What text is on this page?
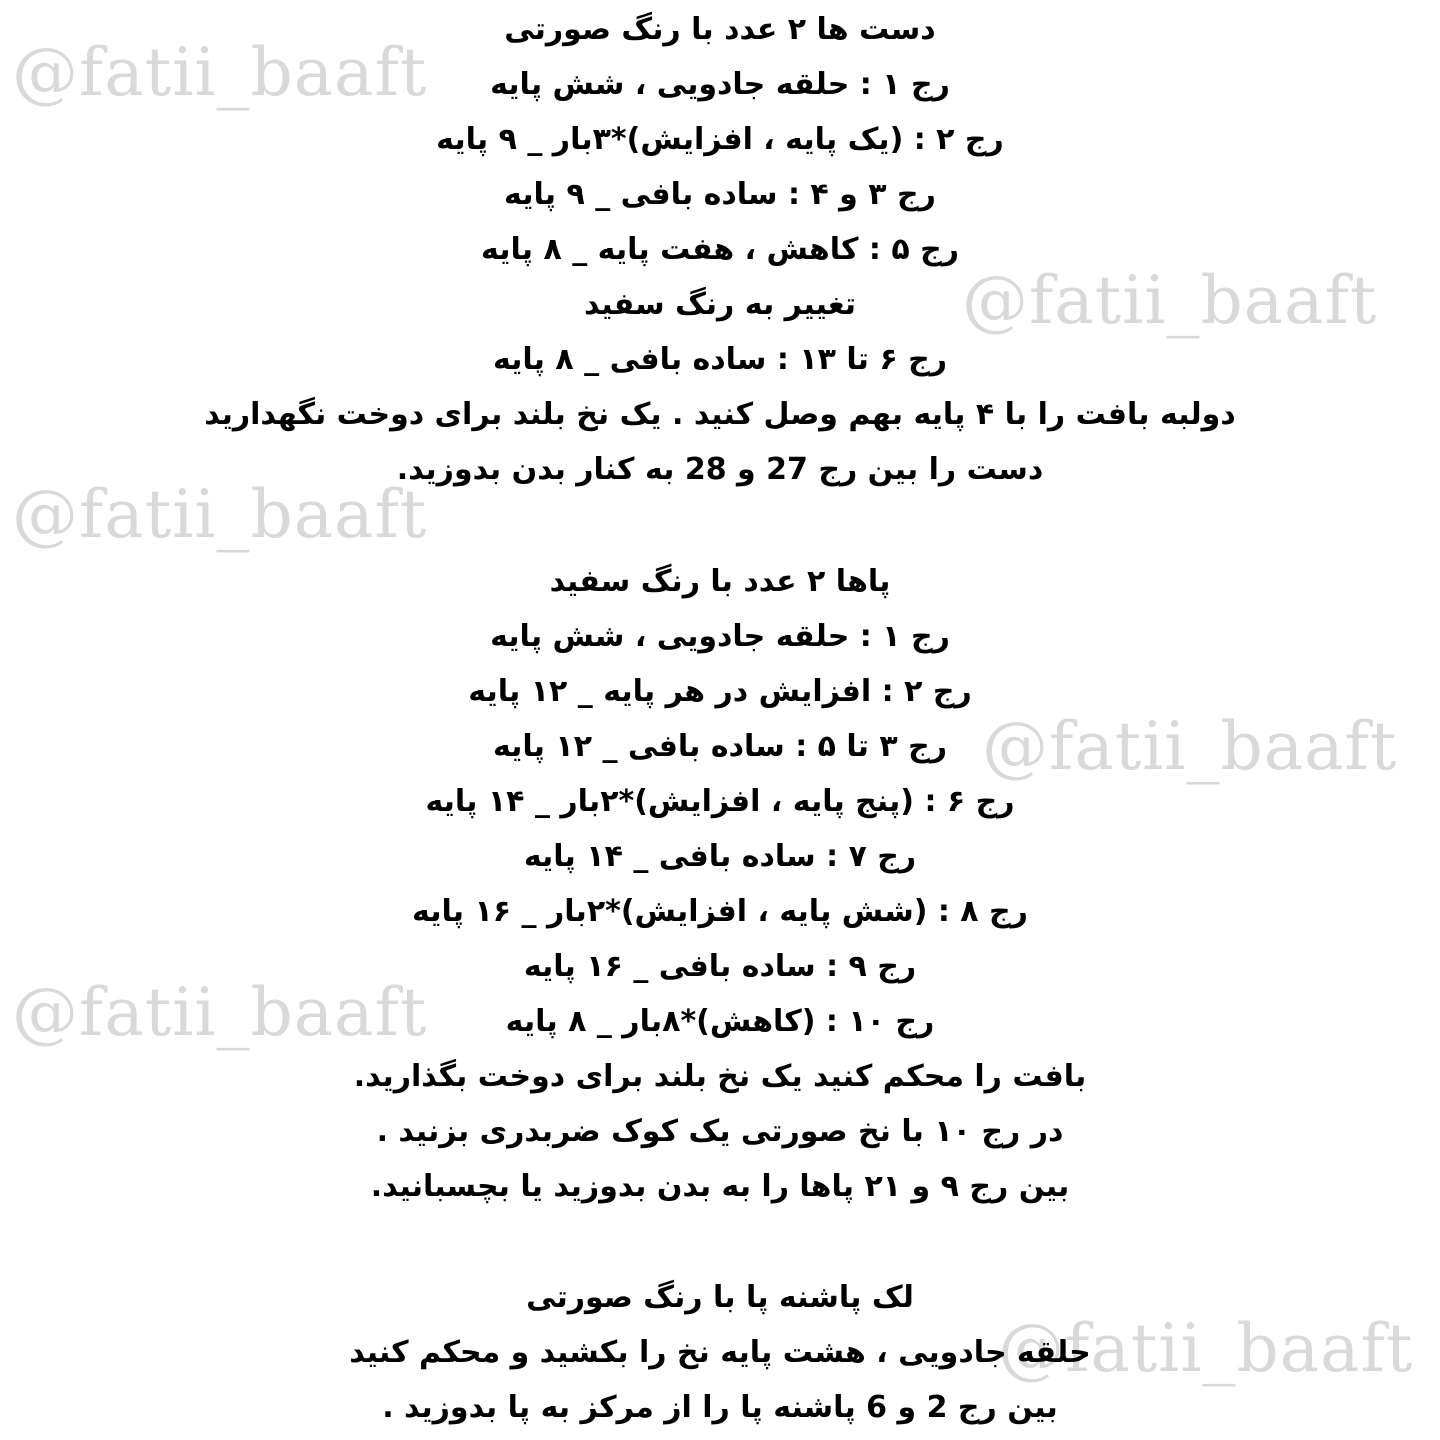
@fatii_baaft
@fatii_baaft
@fatii_baaft
@fatii_baaft
@fatii_baaft
@fatii_baaft
دست ها ۲ عدد با رنگ صورتی
رج ۱ : حلقه جادویی ، شش پایه
رج ۲ : (یک پایه ، افزایش)*۳بار _ ۹ پایه
رج ۳ و ۴ : ساده بافی _ ۹ پایه
رج ۵ : کاهش ، هفت پایه _ ۸ پایه
تغییر به رنگ سفید
رج ۶ تا ۱۳ : ساده بافی _ ۸ پایه
دولبه بافت را با ۴ پایه بهم وصل کنید . یک نخ بلند برای دوخت نگهدارید
دست را بین رج 27 و 28 به کنار بدن بدوزید.
پاها ۲ عدد با رنگ سفید
رج ۱ : حلقه جادویی ، شش پایه
رج ۲ : افزایش در هر پایه _ ۱۲ پایه
رج ۳ تا ۵ : ساده بافی _ ۱۲ پایه
رج ۶ : (پنج پایه ، افزایش)*۲بار _ ۱۴ پایه
رج ۷ : ساده بافی _ ۱۴ پایه
رج ۸ : (شش پایه ، افزایش)*۲بار _ ۱۶ پایه
رج ۹ : ساده بافی _ ۱۶ پایه
رج ۱۰ : (کاهش)*۸بار _ ۸ پایه
بافت را محکم کنید یک نخ بلند برای دوخت بگذارید.
در رج ۱۰ با نخ صورتی یک کوک ضربدری بزنید .
بین رج ۹ و ۲۱ پاها را به بدن بدوزید یا بچسبانید.
لک پاشنه پا با رنگ صورتی
حلقه جادویی ، هشت پایه نخ را بکشید و محکم کنید
بین رج 2 و 6 پاشنه پا را از مرکز به پا بدوزید .
